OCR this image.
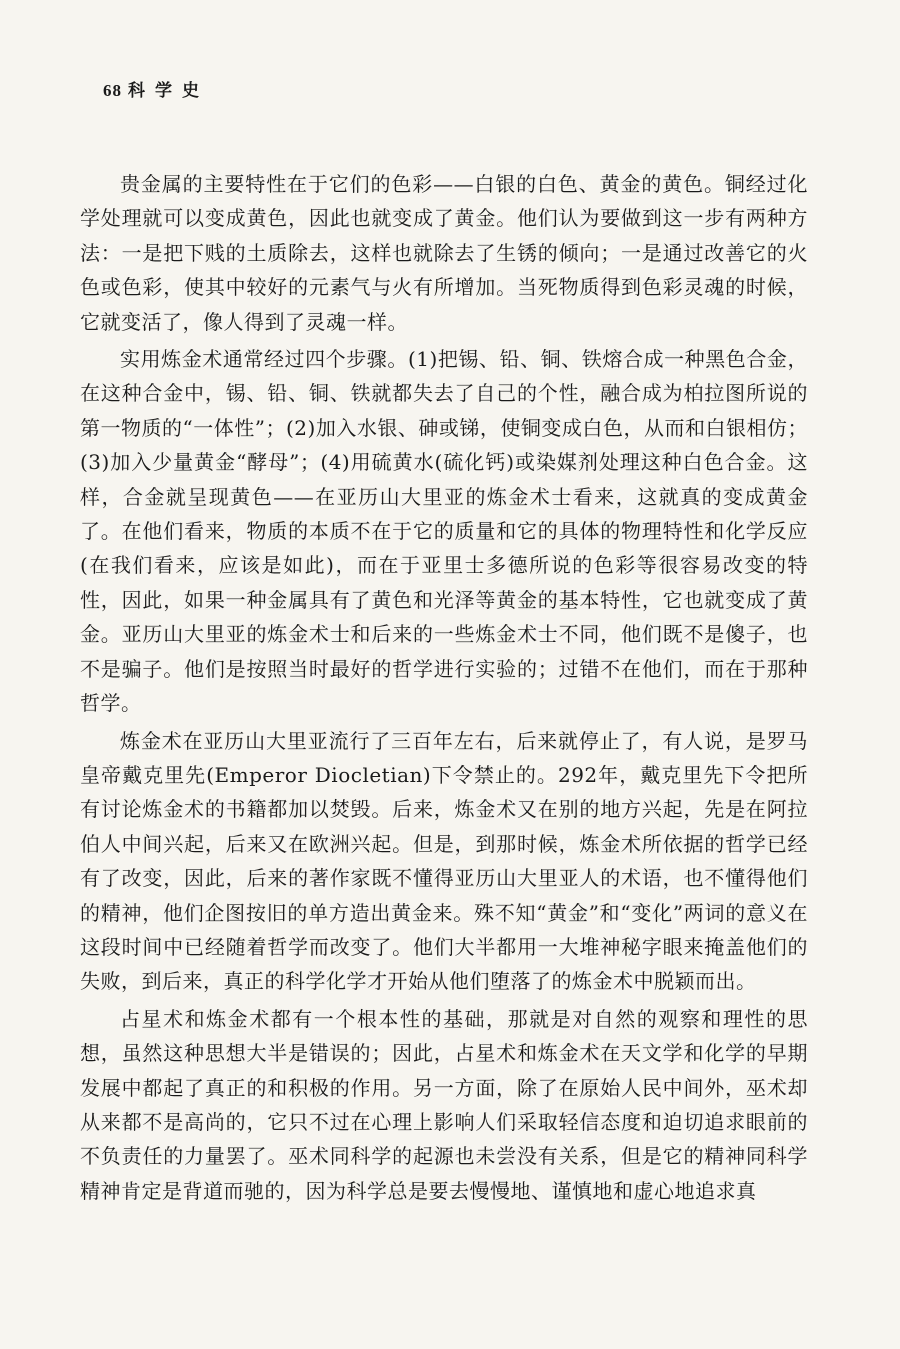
68 科学史

贵金属的主要特性在于它们的色彩——白银的白色、黄金的黄色。铜经过化学处理就可以变成黄色，因此也就变成了黄金。他们认为要做到这一步有两种方法：一是把下贱的土质除去，这样也就除去了生锈的倾向；一是通过改善它的火色或色彩，使其中较好的元素气与火有所增加。当死物质得到色彩灵魂的时候，它就变活了，像人得到了灵魂一样。

实用炼金术通常经过四个步骤。(1)把锡、铅、铜、铁熔合成一种黑色合金，在这种合金中，锡、铅、铜、铁就都失去了自己的个性，融合成为柏拉图所说的第一物质的“一体性”；(2)加入水银、砷或锑，使铜变成白色，从而和白银相仿；(3)加入少量黄金“酵母”；(4)用硫黄水(硫化钙)或染媒剂处理这种白色合金。这样，合金就呈现黄色——在亚历山大里亚的炼金术士看来，这就真的变成黄金了。在他们看来，物质的本质不在于它的质量和它的具体的物理特性和化学反应(在我们看来，应该是如此)，而在于亚里士多德所说的色彩等很容易改变的特性，因此，如果一种金属具有了黄色和光泽等黄金的基本特性，它也就变成了黄金。亚历山大里亚的炼金术士和后来的一些炼金术士不同，他们既不是傻子，也不是骗子。他们是按照当时最好的哲学进行实验的；过错不在他们，而在于那种哲学。

炼金术在亚历山大里亚流行了三百年左右，后来就停止了，有人说，是罗马皇帝戴克里先(Emperor Diocletian)下令禁止的。292年，戴克里先下令把所有讨论炼金术的书籍都加以焚毁。后来，炼金术又在别的地方兴起，先是在阿拉伯人中间兴起，后来又在欧洲兴起。但是，到那时候，炼金术所依据的哲学已经有了改变，因此，后来的著作家既不懂得亚历山大里亚人的术语，也不懂得他们的精神，他们企图按旧的单方造出黄金来。殊不知“黄金”和“变化”两词的意义在这段时间中已经随着哲学而改变了。他们大半都用一大堆神秘字眼来掩盖他们的失败，到后来，真正的科学化学才开始从他们堕落了的炼金术中脱颖而出。

占星术和炼金术都有一个根本性的基础，那就是对自然的观察和理性的思想，虽然这种思想大半是错误的；因此，占星术和炼金术在天文学和化学的早期发展中都起了真正的和积极的作用。另一方面，除了在原始人民中间外，巫术却从来都不是高尚的，它只不过在心理上影响人们采取轻信态度和迫切追求眼前的不负责任的力量罢了。巫术同科学的起源也未尝没有关系，但是它的精神同科学精神肯定是背道而驰的，因为科学总是要去慢慢地、谨慎地和虚心地追求真
